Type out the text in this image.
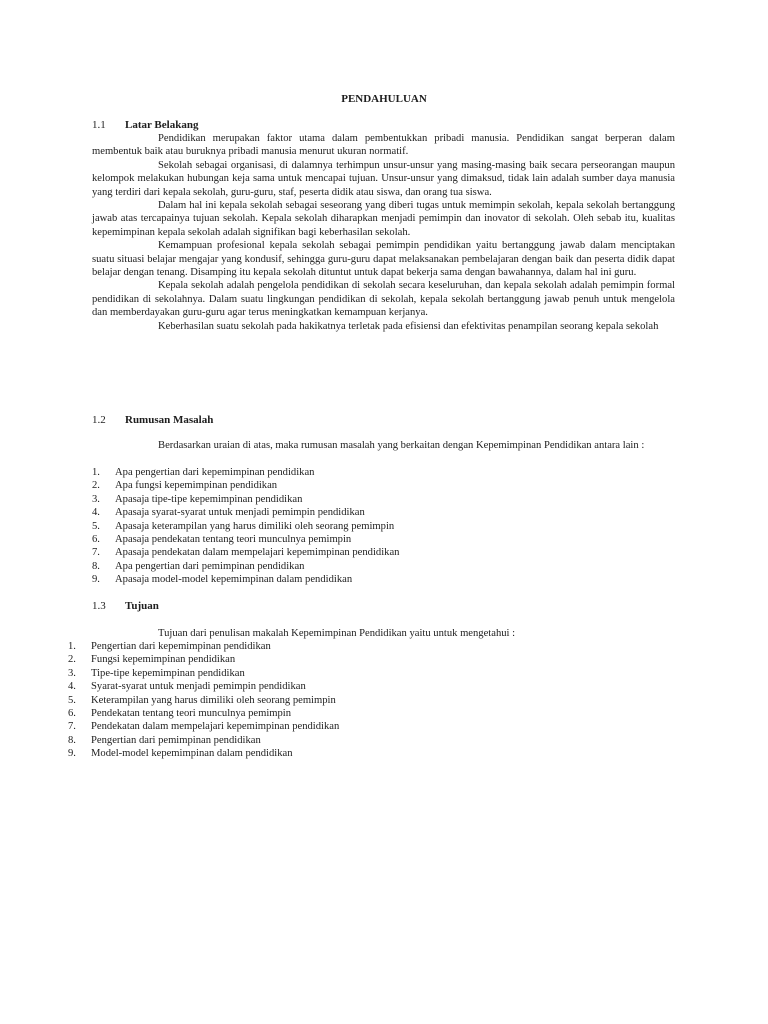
PENDAHULUAN
1.1 Latar Belakang

Pendidikan merupakan faktor utama dalam pembentukkan pribadi manusia. Pendidikan sangat berperan dalam membentuk baik atau buruknya pribadi manusia menurut ukuran normatif.

Sekolah sebagai organisasi, di dalamnya terhimpun unsur-unsur yang masing-masing baik secara perseorangan maupun kelompok melakukan hubungan keja sama untuk mencapai tujuan. Unsur-unsur yang dimaksud, tidak lain adalah sumber daya manusia yang terdiri dari kepala sekolah, guru-guru, staf, peserta didik atau siswa, dan orang tua siswa.

Dalam hal ini kepala sekolah sebagai seseorang yang diberi tugas untuk memimpin sekolah, kepala sekolah bertanggung jawab atas tercapainya tujuan sekolah. Kepala sekolah diharapkan menjadi pemimpin dan inovator di sekolah. Oleh sebab itu, kualitas kepemimpinan kepala sekolah adalah signifikan bagi keberhasilan sekolah.

Kemampuan profesional kepala sekolah sebagai pemimpin pendidikan yaitu bertanggung jawab dalam menciptakan suatu situasi belajar mengajar yang kondusif, sehingga guru-guru dapat melaksanakan pembelajaran dengan baik dan peserta didik dapat belajar dengan tenang. Disamping itu kepala sekolah dituntut untuk dapat bekerja sama dengan bawahannya, dalam hal ini guru.

Kepala sekolah adalah pengelola pendidikan di sekolah secara keseluruhan, dan kepala sekolah adalah pemimpin formal pendidikan di sekolahnya. Dalam suatu lingkungan pendidikan di sekolah, kepala sekolah bertanggung jawab penuh untuk mengelola dan memberdayakan guru-guru agar terus meningkatkan kemampuan kerjanya.

Keberhasilan suatu sekolah pada hakikatnya terletak pada efisiensi dan efektivitas penampilan seorang kepala sekolah

1.2 Rumusan Masalah

Berdasarkan uraian di atas, maka rumusan masalah yang berkaitan dengan Kepemimpinan Pendidikan antara lain :

1. Apa pengertian dari kepemimpinan pendidikan
2. Apa fungsi kepemimpinan pendidikan
3. Apasaja tipe-tipe kepemimpinan pendidikan
4. Apasaja syarat-syarat untuk menjadi pemimpin pendidikan
5. Apasaja keterampilan yang harus dimiliki oleh seorang pemimpin
6. Apasaja pendekatan tentang teori munculnya pemimpin
7. Apasaja pendekatan dalam mempelajari kepemimpinan pendidikan
8. Apa pengertian dari pemimpinan pendidikan
9. Apasaja model-model kepemimpinan dalam pendidikan
1.3 Tujuan

Tujuan dari penulisan makalah Kepemimpinan Pendidikan yaitu untuk mengetahui :

1. Pengertian dari kepemimpinan pendidikan
2. Fungsi kepemimpinan pendidikan
3. Tipe-tipe kepemimpinan pendidikan
4. Syarat-syarat untuk menjadi pemimpin pendidikan
5. Keterampilan yang harus dimiliki oleh seorang pemimpin
6. Pendekatan tentang teori munculnya pemimpin
7. Pendekatan dalam mempelajari kepemimpinan pendidikan
8. Pengertian dari pemimpinan pendidikan
9. Model-model kepemimpinan dalam pendidikan
